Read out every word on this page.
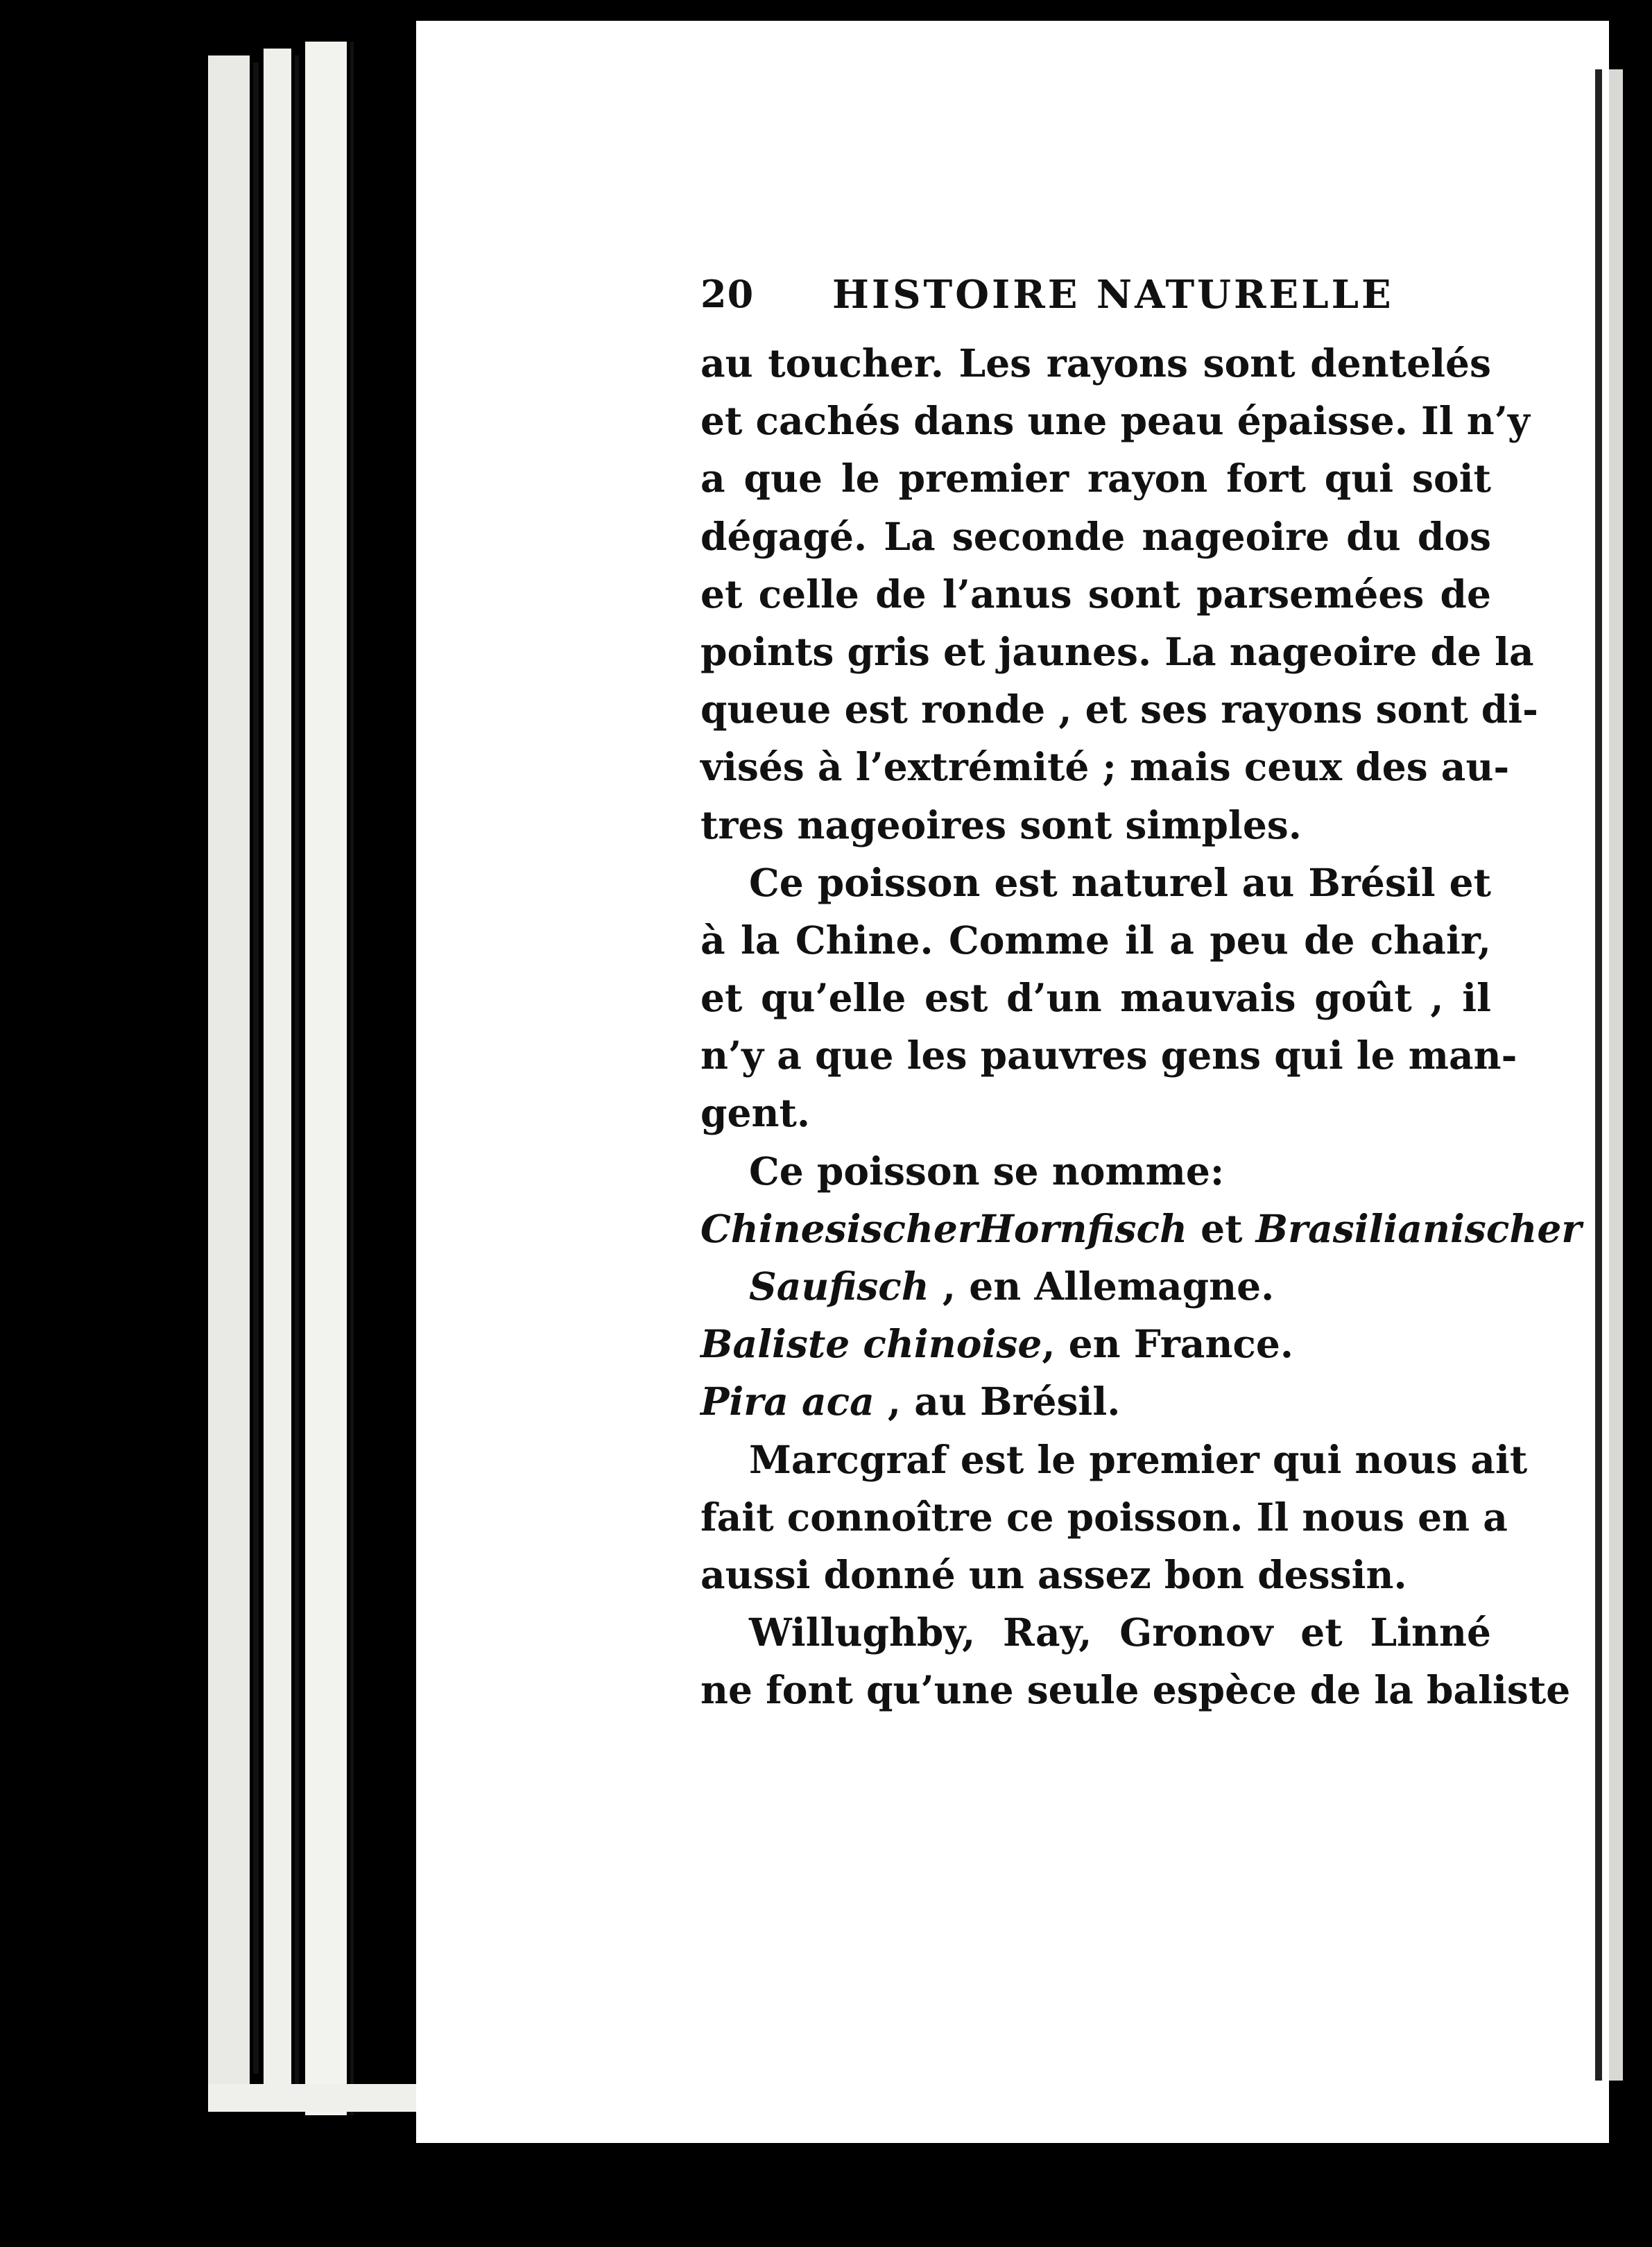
20 HISTOIRE NATURELLE
au toucher. Les rayons sont dentelés
et cachés dans une peau épaisse. Il n’y
a que le premier rayon fort qui soit
dégagé. La seconde nageoire du dos
et celle de l’anus sont parsemées de
points gris et jaunes. La nageoire de la
queue est ronde , et ses rayons sont di-
visés à l’extrémité ; mais ceux des au-
tres nageoires sont simples.
Ce poisson est naturel au Brésil et
à la Chine. Comme il a peu de chair,
et qu’elle est d’un mauvais goût , il
n’y a que les pauvres gens qui le man-
gent.
Ce poisson se nomme:
ChinesischerHornfisch et Brasilianischer
Saufisch , en Allemagne.
Baliste chinoise, en France.
Pira aca , au Brésil.
Marcgraf est le premier qui nous ait
fait connoître ce poisson. Il nous en a
aussi donné un assez bon dessin.
Willughby, Ray, Gronov et Linné
ne font qu’une seule espèce de la baliste
